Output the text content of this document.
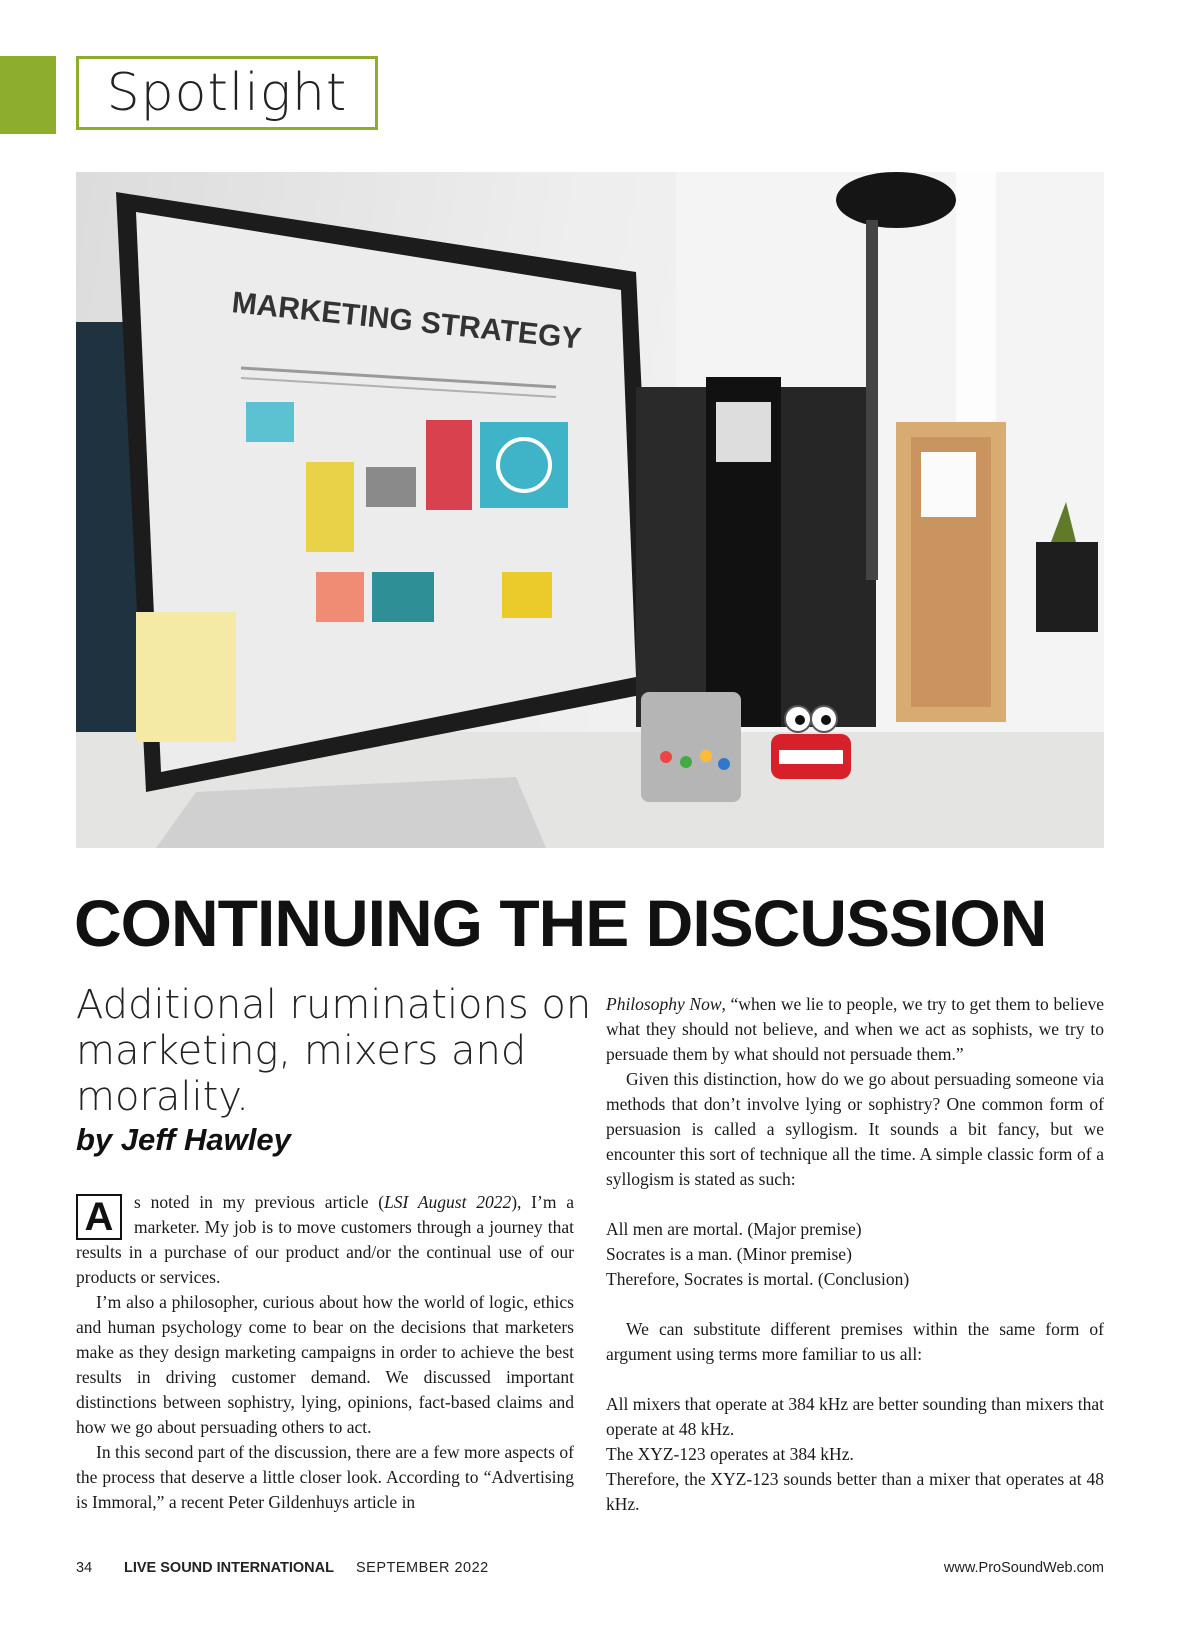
Spotlight
MARKETING STRATEGY
CONTINUING THE DISCUSSION
Additional ruminations on marketing, mixers and morality.
by Jeff Hawley

A	s noted in my previous article (LSI August 2022), I’m a marketer. My job is to move customers through a journey that results in a purchase of our product and/or the continual use of our products or services.

I’m also a philosopher, curious about how the world of logic, ethics and human psychology come to bear on the decisions that marketers make as they design marketing campaigns in order to achieve the best results in driving customer demand. We discussed important distinctions between sophistry, lying, opinions, fact-based claims and how we go about persuading others to act.

In this second part of the discussion, there are a few more aspects of the process that deserve a little closer look. According to “Advertising is Immoral,” a recent Peter Gildenhuys article in

Philosophy Now, “when we lie to people, we try to get them to believe what they should not believe, and when we act as sophists, we try to persuade them by what should not persuade them.”

Given this distinction, how do we go about persuading someone via methods that don’t involve lying or sophistry? One common form of persuasion is called a syllogism. It sounds a bit fancy, but we encounter this sort of technique all the time. A simple classic form of a syllogism is stated as such:

All men are mortal. (Major premise)

Socrates is a man. (Minor premise)

Therefore, Socrates is mortal. (Conclusion)

We can substitute different premises within the same form of argument using terms more familiar to us all:

All mixers that operate at 384 kHz are better sounding than mixers that operate at 48 kHz.

The XYZ-123 operates at 384 kHz.

Therefore, the XYZ-123 sounds better than a mixer that operates at 48 kHz.

34 LIVE SOUND INTERNATIONAL SEPTEMBER 2022	www.ProSoundWeb.com
